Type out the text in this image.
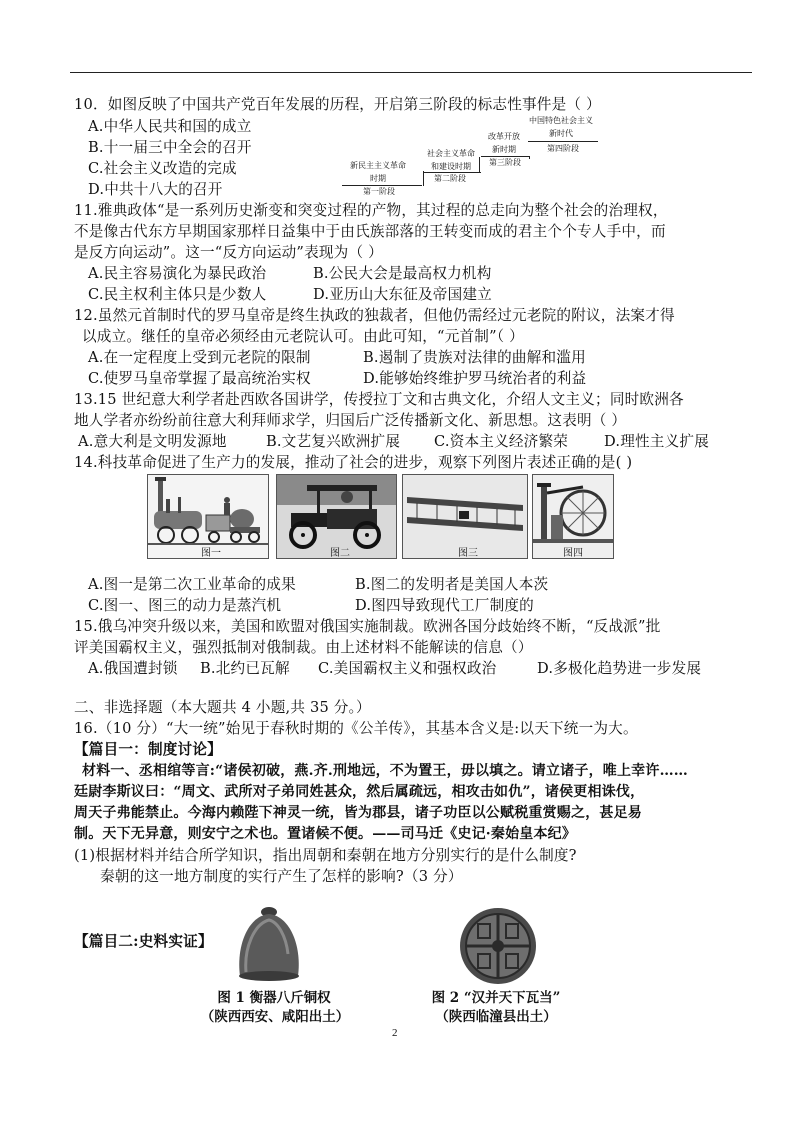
10．如图反映了中国共产党百年发展的历程，开启第三阶段的标志性事件是（ ）
A.中华人民共和国的成立
B.十一届三中全会的召开
C.社会主义改造的完成
D.中共十八大的召开
中国特色社会主义
新时代
第四阶段
改革开放
新时期
第三阶段
社会主义革命
和建设时期
第二阶段
新民主主义革命
时期
第一阶段
11.雅典政体“是一系列历史渐变和突变过程的产物，其过程的总走向为整个社会的治理权，
不是像古代东方早期国家那样日益集中于由氏族部落的王转变而成的君主个个专人手中，而
是反方向运动”。这一“反方向运动”表现为（ ）
A.民主容易演化为暴民政治	B.公民大会是最高权力机构
C.民主权利主体只是少数人	D.亚历山大东征及帝国建立
12.虽然元首制时代的罗马皇帝是终生执政的独裁者，但他仍需经过元老院的附议，法案才得
以成立。继任的皇帝必须经由元老院认可。由此可知，“元首制”（ ）
A.在一定程度上受到元老院的限制	B.遏制了贵族对法律的曲解和滥用
C.使罗马皇帝掌握了最高统治实权	D.能够始终维护罗马统治者的利益
13.15 世纪意大利学者赴西欧各国讲学，传授拉丁文和古典文化，介绍人文主义；同时欧洲各
地人学者亦纷纷前往意大利拜师求学，归国后广泛传播新文化、新思想。这表明（ ）
A.意大利是文明发源地	B.文艺复兴欧洲扩展 C.资本主义经济繁荣 D.理性主义扩展
14.科技革命促进了生产力的发展，推动了社会的进步，观察下列图片表述正确的是( )
图一	图二	图三	图四
A.图一是第二次工业革命的成果	B.图二的发明者是美国人本茨
C.图一、图三的动力是蒸汽机	D.图四导致现代工厂制度的
15.俄乌冲突升级以来，美国和欧盟对俄国实施制裁。欧洲各国分歧始终不断，“反战派”批
评美国霸权主义，强烈抵制对俄制裁。由上述材料不能解读的信息（）
A.俄国遭封锁 B.北约已瓦解 C.美国霸权主义和强权政治	D.多极化趋势进一步发展
二、非选择题（本大题共 4 小题,共 35 分。）
16.（10 分）“大一统”始见于春秋时期的《公羊传》，其基本含义是:以天下统一为大。
【篇目一：制度讨论】
材料一、丞相绾等言:“诸侯初破，燕.齐.刑地远，不为置王，毋以填之。请立诸子，唯上幸许……
廷尉李斯议曰：“周文、武所对子弟同姓甚众，然后属疏远，相攻击如仇”，诸侯更相诛伐，
周天子弗能禁止。今海内赖陛下神灵一统，皆为郡县，诸子功臣以公赋税重赏赐之，甚足易
制。天下无异意，则安宁之术也。置诸候不便。——司马迁《史记·秦始皇本纪》
(1)根据材料并结合所学知识，指出周朝和秦朝在地方分别实行的是什么制度?
秦朝的这一地方制度的实行产生了怎样的影响?（3 分）
【篇目二:史料实证】
图 1 衡器八斤铜权
（陕西西安、咸阳出土）
图 2 “汉并天下瓦当”
（陕西临潼县出土）
2
